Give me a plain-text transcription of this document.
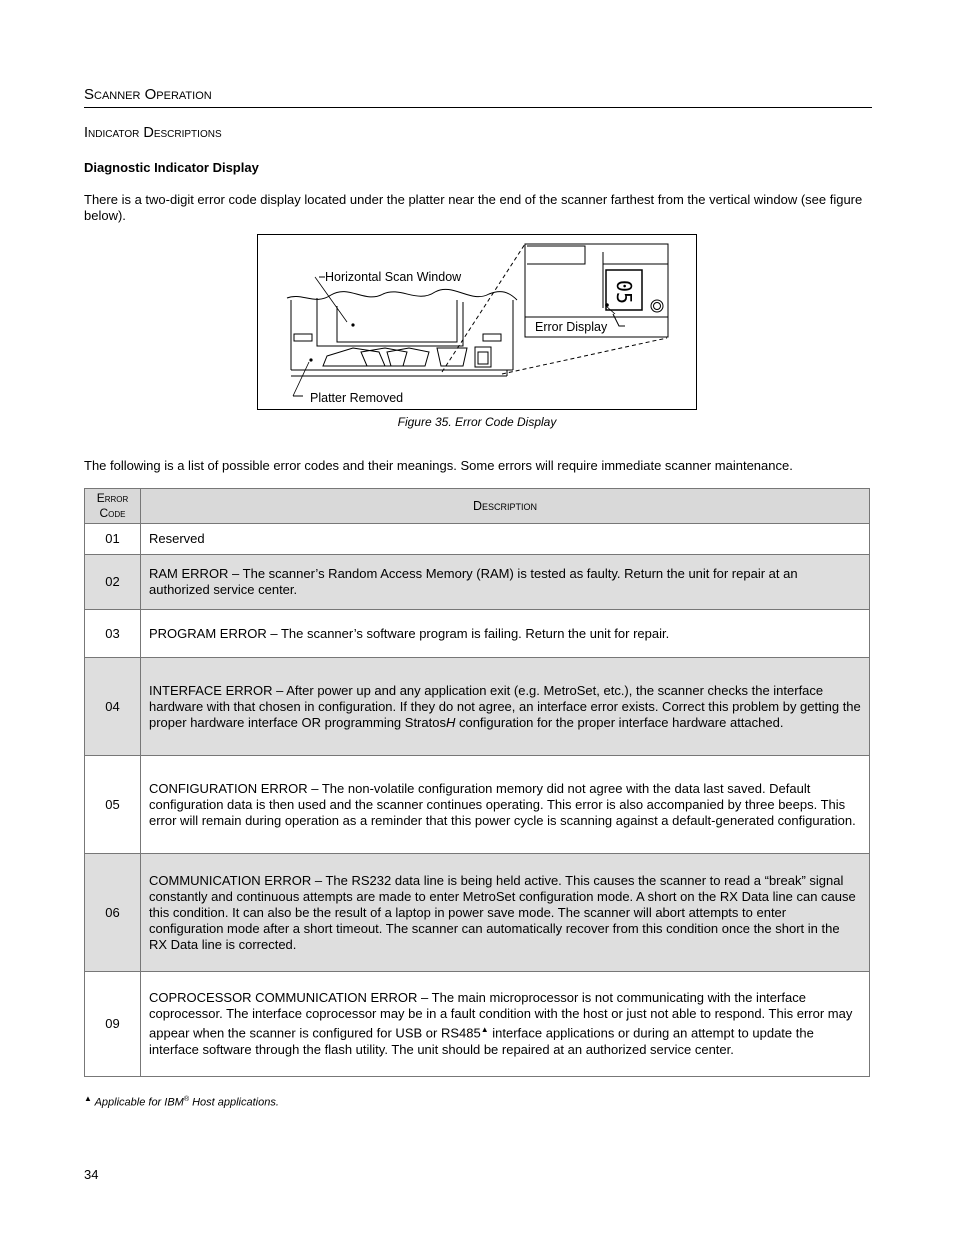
Scanner Operation
Indicator Descriptions
Diagnostic Indicator Display
There is a two-digit error code display located under the platter near the end of the scanner farthest from the vertical window (see figure below).
05
Horizontal Scan Window
Error Display
Platter Removed
Figure 35. Error Code Display
The following is a list of possible error codes and their meanings. Some errors will require immediate scanner maintenance.
Error
Code	Description
01	Reserved
02	RAM ERROR – The scanner’s Random Access Memory (RAM) is tested as faulty. Return the unit for repair at an authorized service center.
03	PROGRAM ERROR – The scanner’s software program is failing. Return the unit for repair.
04	INTERFACE ERROR – After power up and any application exit (e.g. MetroSet, etc.), the scanner checks the interface hardware with that chosen in configuration. If they do not agree, an interface error exists. Correct this problem by getting the proper hardware interface OR programming StratosH configuration for the proper interface hardware attached.
05	CONFIGURATION ERROR – The non-volatile configuration memory did not agree with the data last saved. Default configuration data is then used and the scanner continues operating. This error is also accompanied by three beeps. This error will remain during operation as a reminder that this power cycle is scanning against a default-generated configuration.
06	COMMUNICATION ERROR – The RS232 data line is being held active. This causes the scanner to read a “break” signal constantly and continuous attempts are made to enter MetroSet configuration mode. A short on the RX Data line can cause this condition. It can also be the result of a laptop in power save mode. The scanner will abort attempts to enter configuration mode after a short timeout. The scanner can automatically recover from this condition once the short in the RX Data line is corrected.
09	COPROCESSOR COMMUNICATION ERROR – The main microprocessor is not communicating with the interface coprocessor. The interface coprocessor may be in a fault condition with the host or just not able to respond. This error may appear when the scanner is configured for USB or RS485▲ interface applications or during an attempt to update the interface software through the flash utility. The unit should be repaired at an authorized service center.
▲ Applicable for IBM® Host applications.
34
